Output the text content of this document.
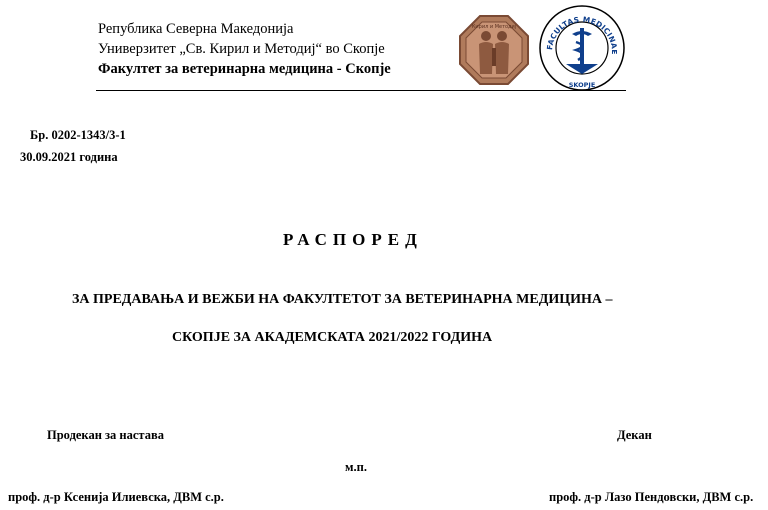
Република Северна Македонија
Универзитет „Св. Кирил и Методиј“ во Скопје
Факултет за ветеринарна медицина - Скопје
Кирил и Методиј
FACULTAS MEDICINAE
SKOPJE
Бр. 0202-1343/3-1
30.09.2021 година
РАСПОРЕД
ЗА ПРЕДАВАЊА И ВЕЖБИ НА ФАКУЛТЕТОТ ЗА ВЕТЕРИНАРНА МЕДИЦИНА –
СКОПЈЕ ЗА АКАДЕМСКАТА 2021/2022 ГОДИНА
Продекан за настава	Декан
м.п.
проф. д-р Ксенија Илиевска, ДВМ с.р.	проф. д-р Лазо Пендовски, ДВМ с.р.
